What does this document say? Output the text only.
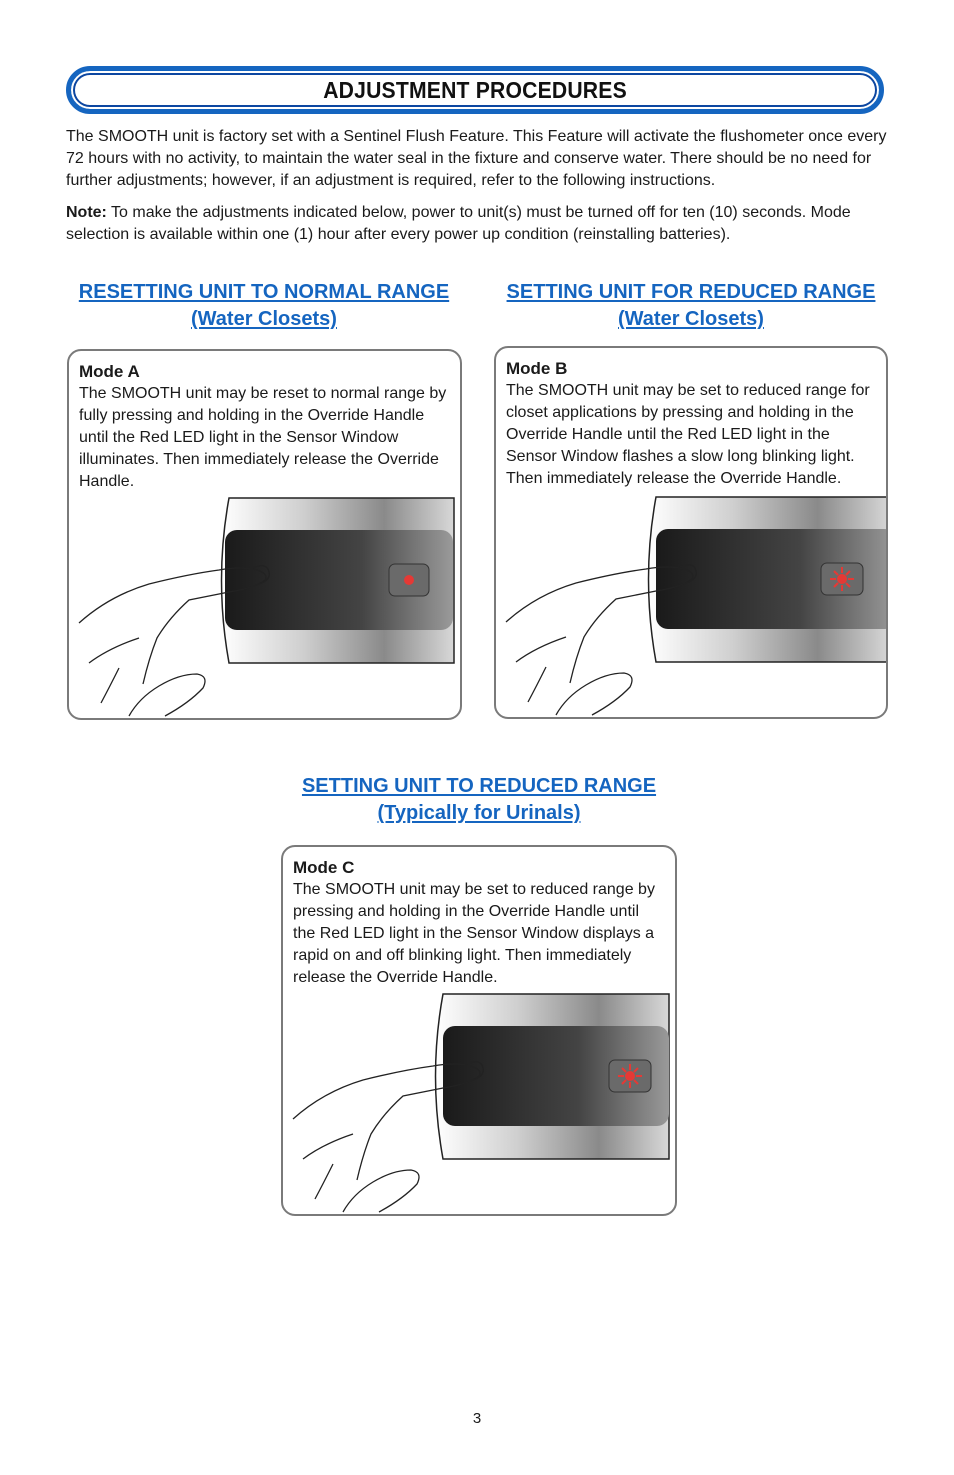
ADJUSTMENT PROCEDURES

The SMOOTH unit is factory set with a Sentinel Flush Feature. This Feature will activate the flushometer once every 72 hours with no activity, to maintain the water seal in the fixture and conserve water. There should be no need for further adjustments; however, if an adjustment is required, refer to the following instructions.

Note: To make the adjustments indicated below, power to unit(s) must be turned off for ten (10) seconds. Mode selection is available within one (1) hour after every power up condition (reinstalling batteries).

RESETTING UNIT TO NORMAL RANGE
(Water Closets)
SETTING UNIT FOR REDUCED RANGE
(Water Closets)
SETTING UNIT TO REDUCED RANGE
(Typically for Urinals)
Mode A
The SMOOTH unit may be reset to normal range by fully pressing and holding in the Override Handle until the Red LED light in the Sensor Window illuminates. Then immediately release the Override Handle.
Mode B
The SMOOTH unit may be set to reduced range for closet applications by pressing and holding in the Override Handle until the Red LED light in the Sensor Window flashes a slow long blinking light. Then immediately release the Override Handle.
Mode C
The SMOOTH unit may be set to reduced range by pressing and holding in the Override Handle until the Red LED light in the Sensor Window displays a rapid on and off blinking light. Then immediately release the Override Handle.
3
